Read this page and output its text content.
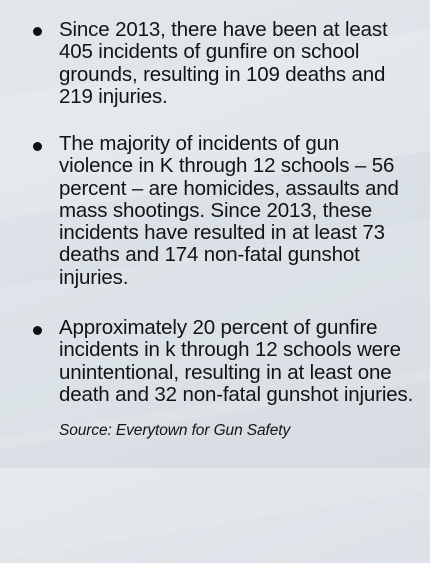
Since 2013, there have been at least
405 incidents of gunfire on school
grounds, resulting in 109 deaths and
219 injuries.
The majority of incidents of gun
violence in K through 12 schools – 56
percent – are homicides, assaults and
mass shootings. Since 2013, these
incidents have resulted in at least 73
deaths and 174 non-fatal gunshot
injuries.
Approximately 20 percent of gunfire
incidents in k through 12 schools were
unintentional, resulting in at least one
death and 32 non-fatal gunshot injuries.
Source: Everytown for Gun Safety
